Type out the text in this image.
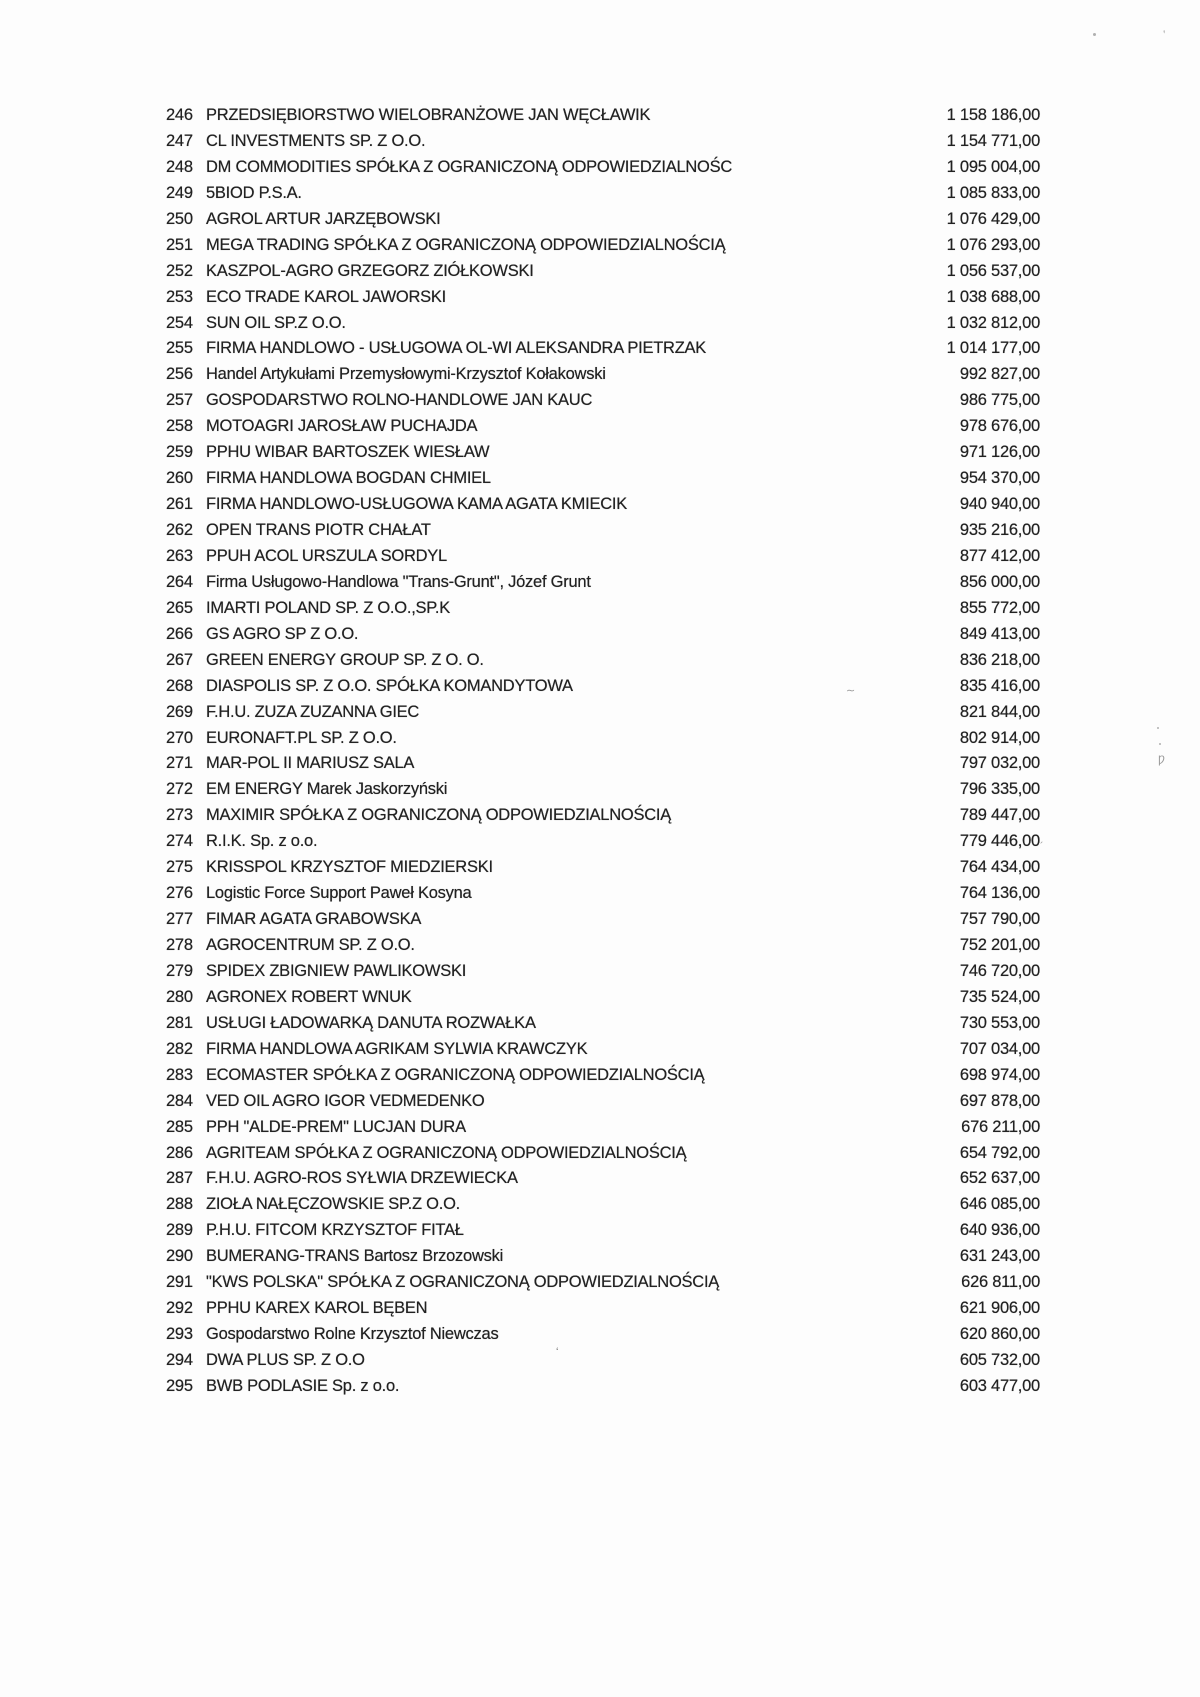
246 PRZEDSIĘBIORSTWO WIELOBRANŻOWE JAN WĘCŁAWIK	1 158 186,00
247 CL INVESTMENTS SP. Z O.O.	1 154 771,00
248 DM COMMODITIES SPÓŁKA Z OGRANICZONĄ ODPOWIEDZIALNOŚC	1 095 004,00
249 5BIOD P.S.A.	1 085 833,00
250 AGROL ARTUR JARZĘBOWSKI	1 076 429,00
251 MEGA TRADING SPÓŁKA Z OGRANICZONĄ ODPOWIEDZIALNOŚCIĄ	1 076 293,00
252 KASZPOL-AGRO GRZEGORZ ZIÓŁKOWSKI	1 056 537,00
253 ECO TRADE KAROL JAWORSKI	1 038 688,00
254 SUN OIL SP.Z O.O.	1 032 812,00
255 FIRMA HANDLOWO - USŁUGOWA OL-WI ALEKSANDRA PIETRZAK	1 014 177,00
256 Handel Artykułami Przemysłowymi-Krzysztof Kołakowski	992 827,00
257 GOSPODARSTWO ROLNO-HANDLOWE JAN KAUC	986 775,00
258 MOTOAGRI JAROSŁAW PUCHAJDA	978 676,00
259 PPHU WIBAR BARTOSZEK WIESŁAW	971 126,00
260 FIRMA HANDLOWA BOGDAN CHMIEL	954 370,00
261 FIRMA HANDLOWO-USŁUGOWA KAMA AGATA KMIECIK	940 940,00
262 OPEN TRANS PIOTR CHAŁAT	935 216,00
263 PPUH ACOL URSZULA SORDYL	877 412,00
264 Firma Usługowo-Handlowa "Trans-Grunt", Józef Grunt	856 000,00
265 IMARTI POLAND SP. Z O.O.,SP.K	855 772,00
266 GS AGRO SP Z O.O.	849 413,00
267 GREEN ENERGY GROUP SP. Z O. O.	836 218,00
268 DIASPOLIS SP. Z O.O. SPÓŁKA KOMANDYTOWA	835 416,00
269 F.H.U. ZUZA ZUZANNA GIEC	821 844,00
270 EURONAFT.PL SP. Z O.O.	802 914,00
271 MAR-POL II MARIUSZ SALA	797 032,00
272 EM ENERGY Marek Jaskorzyński	796 335,00
273 MAXIMIR SPÓŁKA Z OGRANICZONĄ ODPOWIEDZIALNOŚCIĄ	789 447,00
274 R.I.K. Sp. z o.o.	779 446,00
275 KRISSPOL KRZYSZTOF MIEDZIERSKI	764 434,00
276 Logistic Force Support Paweł Kosyna	764 136,00
277 FIMAR AGATA GRABOWSKA	757 790,00
278 AGROCENTRUM SP. Z O.O.	752 201,00
279 SPIDEX ZBIGNIEW PAWLIKOWSKI	746 720,00
280 AGRONEX ROBERT WNUK	735 524,00
281 USŁUGI ŁADOWARKĄ DANUTA ROZWAŁKA	730 553,00
282 FIRMA HANDLOWA AGRIKAM SYLWIA KRAWCZYK	707 034,00
283 ECOMASTER SPÓŁKA Z OGRANICZONĄ ODPOWIEDZIALNOŚCIĄ	698 974,00
284 VED OIL AGRO IGOR VEDMEDENKO	697 878,00
285 PPH "ALDE-PREM" LUCJAN DURA	676 211,00
286 AGRITEAM SPÓŁKA Z OGRANICZONĄ ODPOWIEDZIALNOŚCIĄ	654 792,00
287 F.H.U. AGRO-ROS SYŁWIA DRZEWIECKA	652 637,00
288 ZIOŁA NAŁĘCZOWSKIE SP.Z O.O.	646 085,00
289 P.H.U. FITCOM KRZYSZTOF FITAŁ	640 936,00
290 BUMERANG-TRANS Bartosz Brzozowski	631 243,00
291 "KWS POLSKA" SPÓŁKA Z OGRANICZONĄ ODPOWIEDZIALNOŚCIĄ	626 811,00
292 PPHU KAREX KAROL BĘBEN	621 906,00
293 Gospodarstwo Rolne Krzysztof Niewczas	620 860,00
294 DWA PLUS SP. Z O.O	605 732,00
295 BWB PODLASIE Sp. z o.o.	603 477,00
‛
Ƿ
∼
´
‘
